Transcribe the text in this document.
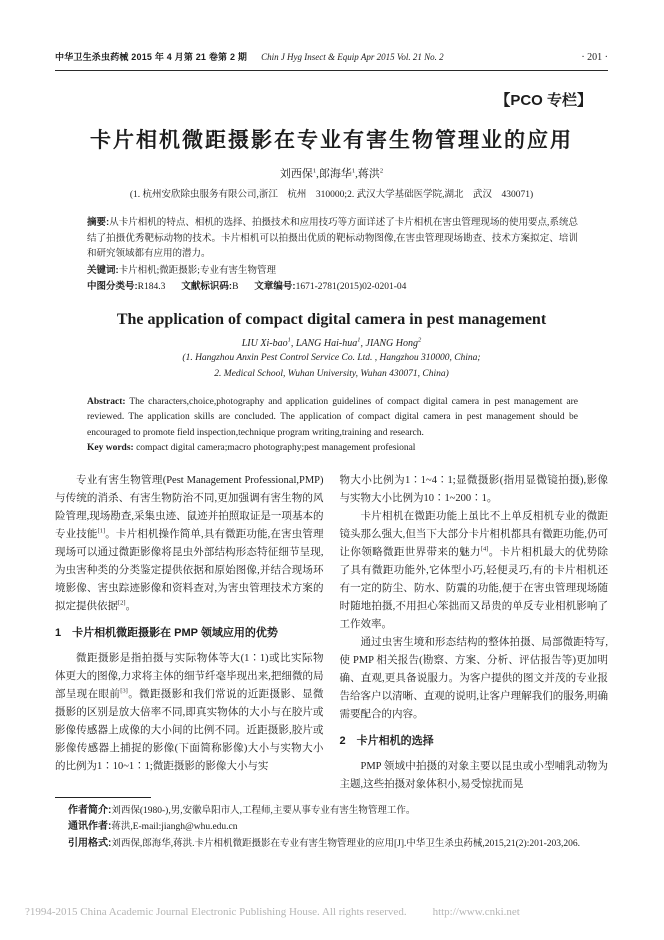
中华卫生杀虫药械 2015 年 4 月第 21 卷第 2 期 Chin J Hyg Insect & Equip Apr 2015 Vol. 21 No. 2	· 201 ·
【PCO 专栏】
卡片相机微距摄影在专业有害生物管理业的应用
刘西保$^1$,郎海华$^1$,蒋洪$^2$
(1. 杭州安欣除虫服务有限公司,浙江　杭州　310000;2. 武汉大学基础医学院,湖北　武汉　430071)

摘要:从卡片相机的特点、相机的选择、拍摄技术和应用技巧等方面详述了卡片相机在害虫管理现场的使用要点,系统总结了拍摄优秀靶标动物的技术。卡片相机可以拍摄出优质的靶标动物图像,在害虫管理现场勘查、技术方案拟定、培训和研究领域都有应用的潜力。

关键词:卡片相机;微距摄影;专业有害生物管理

中图分类号:R184.3 文献标识码:B 文章编号:1671-2781(2015)02-0201-04

The application of compact digital camera in pest management
LIU Xi-bao$^1$, LANG Hai-hua$^1$, JIANG Hong$^2$
(1. Hangzhou Anxin Pest Control Service Co. Ltd. , Hangzhou 310000, China;
2. Medical School, Wuhan University, Wuhan 430071, China)

Abstract: The characters,choice,photography and application guidelines of compact digital camera in pest management are reviewed. The application skills are concluded. The application of compact digital camera in pest management should be encouraged to promote field inspection,technique program writing,training and research.

Key words: compact digital camera;macro photography;pest management profesional

专业有害生物管理(Pest Management Professional,PMP)与传统的消杀、有害生物防治不同,更加强调有害生物的风险管理,现场勘查,采集虫迹、鼠迹并拍照取证是一项基本的专业技能[1]。卡片相机操作简单,具有微距功能,在害虫管理现场可以通过微距影像将昆虫外部结构形态特征细节呈现,为虫害种类的分类鉴定提供依据和原始图像,并结合现场环境影像、害虫踪迹影像和资料查对,为害虫管理技术方案的拟定提供依据[2]。

1　卡片相机微距摄影在 PMP 领域应用的优势

微距摄影是指拍摄与实际物体等大(1∶1)或比实际物体更大的图像,力求将主体的细节纤毫毕现出来,把细微的局部呈现在眼前[3]。微距摄影和我们常说的近距摄影、显微摄影的区别是放大倍率不同,即真实物体的大小与在胶片或影像传感器上成像的大小间的比例不同。近距摄影,胶片或影像传感器上捕捉的影像(下面简称影像)大小与实物大小的比例为1∶10~1∶1;微距摄影的影像大小与实

物大小比例为1∶1~4∶1;显微摄影(指用显微镜拍摄),影像与实物大小比例为10∶1~200∶1。

卡片相机在微距功能上虽比不上单反相机专业的微距镜头那么强大,但当下大部分卡片相机都具有微距功能,仍可让你领略微距世界带来的魅力[4]。卡片相机最大的优势除了具有微距功能外,它体型小巧,轻便灵巧,有的卡片相机还有一定的防尘、防水、防震的功能,便于在害虫管理现场随时随地拍摄,不用担心笨拙而又昂贵的单反专业相机影响了工作效率。

通过虫害生境和形态结构的整体拍摄、局部微距特写,使 PMP 相关报告(勘察、方案、分析、评估报告等)更加明确、直观,更具备说服力。为客户提供的图文并茂的专业报告给客户以清晰、直观的说明,让客户理解我们的服务,明确需要配合的内容。

2　卡片相机的选择

PMP 领域中拍摄的对象主要以昆虫或小型哺乳动物为主题,这些拍摄对象体积小,易受惊扰而晃

作者简介:刘西保(1980-),男,安徽阜阳市人,工程师,主要从事专业有害生物管理工作。

通讯作者:蒋洪,E-mail:jiangh@whu.edu.cn

引用格式:刘西保,郎海华,蒋洪.卡片相机微距摄影在专业有害生物管理业的应用[J].中华卫生杀虫药械,2015,21(2):201-203,206.

?1994-2015 China Academic Journal Electronic Publishing House. All rights reserved. http://www.cnki.net
